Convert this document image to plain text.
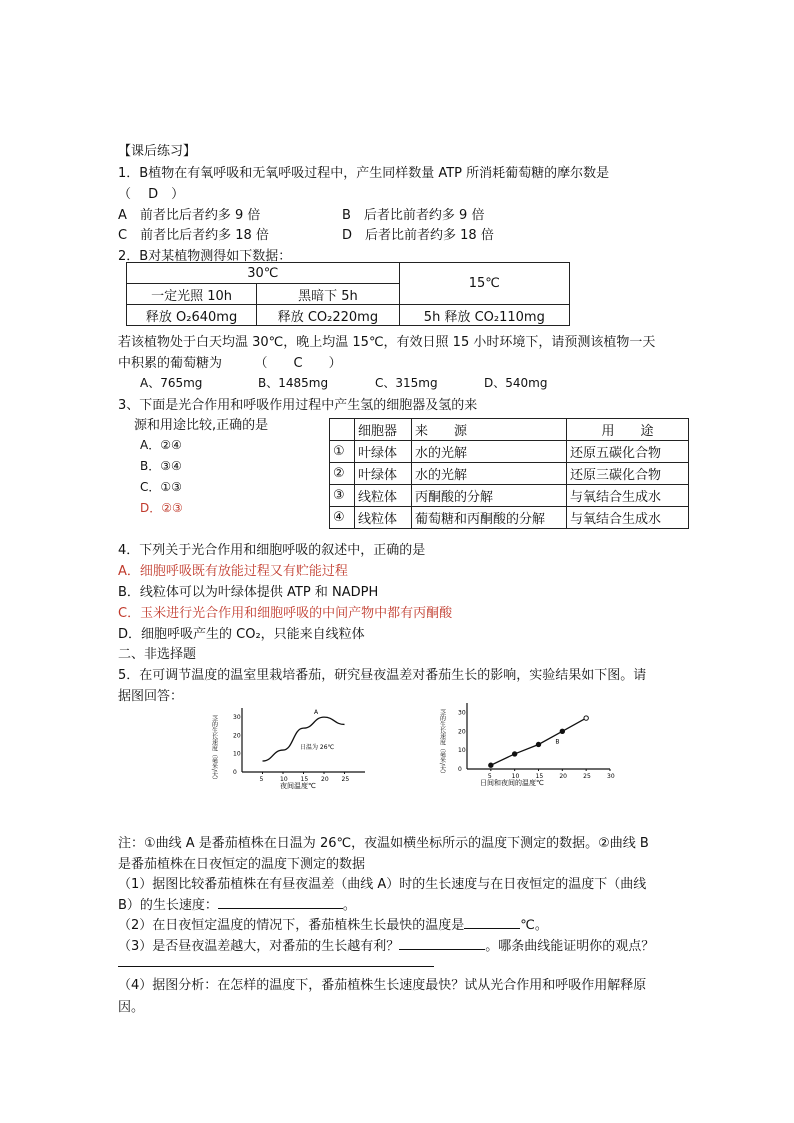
【课后练习】
1．B植物在有氧呼吸和无氧呼吸过程中，产生同样数量 ATP 所消耗葡萄糖的摩尔数是
（　 D　）
A　前者比后者约多 9 倍	B　后者比前者约多 9 倍
C　前者比后者约多 18 倍	D　后者比前者约多 18 倍
2．B对某植物测得如下数据：
30℃		15℃
一定光照 10h	黑暗下 5h	
释放 O₂640mg	释放 CO₂220mg	5h 释放 CO₂110mg
若该植物处于白天均温 30℃，晚上均温 15℃，有效日照 15 小时环境下，请预测该植物一天
中积累的葡萄糖为　　　（　　C　　）
A、765mg	B、1485mg	C、315mg	D、540mg
3、下面是光合作用和呼吸作用过程中产生氢的细胞器及氢的来
源和用途比较,正确的是
A．②④
B．③④
C．①③
D．②③
	细胞器	来　　源	用　　途
①	叶绿体	水的光解	还原五碳化合物
②	叶绿体	水的光解	还原三碳化合物
③	线粒体	丙酮酸的分解	与氧结合生成水
④	线粒体	葡萄糖和丙酮酸的分解	与氧结合生成水
4．下列关于光合作用和细胞呼吸的叙述中，正确的是
A．细胞呼吸既有放能过程又有贮能过程
B．线粒体可以为叶绿体提供 ATP 和 NADPH
C．玉米进行光合作用和细胞呼吸的中间产物中都有丙酮酸
D．细胞呼吸产生的 CO₂，只能来自线粒体
二、非选择题
5．在可调节温度的温室里栽培番茄，研究昼夜温差对番茄生长的影响，实验结果如下图。请
据图回答：
茎的生长速度（毫米/天）	5	10 15 20 25
0
10
20
30
A
日温为 26℃
夜间温度℃
茎的生长速度（毫米/天）	5	10	15	20	25	30
0
10
20
30
B
日间和夜间的温度℃
注：①曲线 A 是番茄植株在日温为 26℃，夜温如横坐标所示的温度下测定的数据。②曲线 B
是番茄植株在日夜恒定的温度下测定的数据
（1）据图比较番茄植株在有昼夜温差（曲线 A）时的生长速度与在日夜恒定的温度下（曲线
B）的生长速度：	。
（2）在日夜恒定温度的情况下，番茄植株生长最快的温度是	℃。
（3）是否昼夜温差越大，对番茄的生长越有利？	。哪条曲线能证明你的观点？
（4）据图分析：在怎样的温度下，番茄植株生长速度最快？试从光合作用和呼吸作用解释原
因。
